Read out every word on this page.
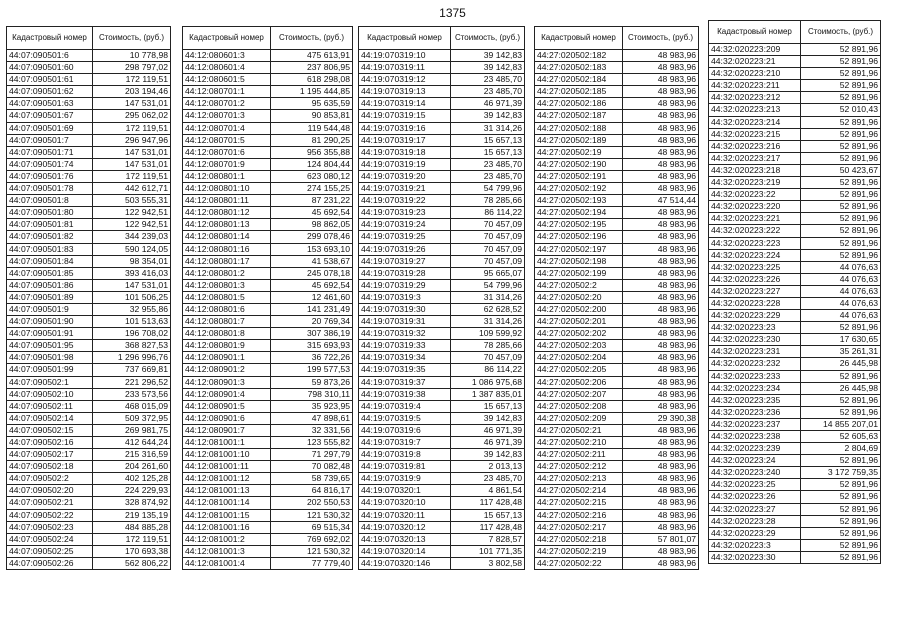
1375
Кадастровый номер	Стоимость, (руб.)
44:07:090501:6	10 778,98
44:07:090501:60	298 797,02
44:07:090501:61	172 119,51
44:07:090501:62	203 194,46
44:07:090501:63	147 531,01
44:07:090501:67	295 062,02
44:07:090501:69	172 119,51
44:07:090501:7	296 947,96
44:07:090501:71	147 531,01
44:07:090501:74	147 531,01
44:07:090501:76	172 119,51
44:07:090501:78	442 612,71
44:07:090501:8	503 555,31
44:07:090501:80	122 942,51
44:07:090501:81	122 942,51
44:07:090501:82	344 239,03
44:07:090501:83	590 124,05
44:07:090501:84	98 354,01
44:07:090501:85	393 416,03
44:07:090501:86	147 531,01
44:07:090501:89	101 506,25
44:07:090501:9	32 955,86
44:07:090501:90	101 513,63
44:07:090501:91	196 708,02
44:07:090501:95	368 827,53
44:07:090501:98	1 296 996,76
44:07:090501:99	737 669,81
44:07:090502:1	221 296,52
44:07:090502:10	233 573,56
44:07:090502:11	468 015,09
44:07:090502:14	509 372,95
44:07:090502:15	269 981,75
44:07:090502:16	412 644,24
44:07:090502:17	215 316,59
44:07:090502:18	204 261,60
44:07:090502:2	402 125,28
44:07:090502:20	224 229,93
44:07:090502:21	328 874,92
44:07:090502:22	219 135,19
44:07:090502:23	484 885,28
44:07:090502:24	172 119,51
44:07:090502:25	170 693,38
44:07:090502:26	562 806,22
Кадастровый номер	Стоимость, (руб.)
44:12:080601:3	475 613,91
44:12:080601:4	237 806,95
44:12:080601:5	618 298,08
44:12:080701:1	1 195 444,85
44:12:080701:2	95 635,59
44:12:080701:3	90 853,81
44:12:080701:4	119 544,48
44:12:080701:5	81 290,25
44:12:080701:6	956 355,88
44:12:080701:9	124 804,44
44:12:080801:1	623 080,12
44:12:080801:10	274 155,25
44:12:080801:11	87 231,22
44:12:080801:12	45 692,54
44:12:080801:13	98 862,05
44:12:080801:14	299 078,46
44:12:080801:16	153 693,10
44:12:080801:17	41 538,67
44:12:080801:2	245 078,18
44:12:080801:3	45 692,54
44:12:080801:5	12 461,60
44:12:080801:6	141 231,49
44:12:080801:7	20 769,34
44:12:080801:8	307 386,19
44:12:080801:9	315 693,93
44:12:080901:1	36 722,26
44:12:080901:2	199 577,53
44:12:080901:3	59 873,26
44:12:080901:4	798 310,11
44:12:080901:5	35 923,95
44:12:080901:6	47 898,61
44:12:080901:7	32 331,56
44:12:081001:1	123 555,82
44:12:081001:10	71 297,79
44:12:081001:11	70 082,48
44:12:081001:12	58 739,65
44:12:081001:13	64 816,17
44:12:081001:14	202 550,53
44:12:081001:15	121 530,32
44:12:081001:16	69 515,34
44:12:081001:2	769 692,02
44:12:081001:3	121 530,32
44:12:081001:4	77 779,40
Кадастровый номер	Стоимость, (руб.)
44:19:070319:10	39 142,83
44:19:070319:11	39 142,83
44:19:070319:12	23 485,70
44:19:070319:13	23 485,70
44:19:070319:14	46 971,39
44:19:070319:15	39 142,83
44:19:070319:16	31 314,26
44:19:070319:17	15 657,13
44:19:070319:18	15 657,13
44:19:070319:19	23 485,70
44:19:070319:20	23 485,70
44:19:070319:21	54 799,96
44:19:070319:22	78 285,66
44:19:070319:23	86 114,22
44:19:070319:24	70 457,09
44:19:070319:25	70 457,09
44:19:070319:26	70 457,09
44:19:070319:27	70 457,09
44:19:070319:28	95 665,07
44:19:070319:29	54 799,96
44:19:070319:3	31 314,26
44:19:070319:30	62 628,52
44:19:070319:31	31 314,26
44:19:070319:32	109 599,92
44:19:070319:33	78 285,66
44:19:070319:34	70 457,09
44:19:070319:35	86 114,22
44:19:070319:37	1 086 975,68
44:19:070319:38	1 387 835,01
44:19:070319:4	15 657,13
44:19:070319:5	39 142,83
44:19:070319:6	46 971,39
44:19:070319:7	46 971,39
44:19:070319:8	39 142,83
44:19:070319:81	2 013,13
44:19:070319:9	23 485,70
44:19:070320:1	4 861,54
44:19:070320:10	117 428,48
44:19:070320:11	15 657,13
44:19:070320:12	117 428,48
44:19:070320:13	7 828,57
44:19:070320:14	101 771,35
44:19:070320:146	3 802,58
Кадастровый номер	Стоимость, (руб.)
44:27:020502:182	48 983,96
44:27:020502:183	48 983,96
44:27:020502:184	48 983,96
44:27:020502:185	48 983,96
44:27:020502:186	48 983,96
44:27:020502:187	48 983,96
44:27:020502:188	48 983,96
44:27:020502:189	48 983,96
44:27:020502:19	48 983,96
44:27:020502:190	48 983,96
44:27:020502:191	48 983,96
44:27:020502:192	48 983,96
44:27:020502:193	47 514,44
44:27:020502:194	48 983,96
44:27:020502:195	48 983,96
44:27:020502:196	48 983,96
44:27:020502:197	48 983,96
44:27:020502:198	48 983,96
44:27:020502:199	48 983,96
44:27:020502:2	48 983,96
44:27:020502:20	48 983,96
44:27:020502:200	48 983,96
44:27:020502:201	48 983,96
44:27:020502:202	48 983,96
44:27:020502:203	48 983,96
44:27:020502:204	48 983,96
44:27:020502:205	48 983,96
44:27:020502:206	48 983,96
44:27:020502:207	48 983,96
44:27:020502:208	48 983,96
44:27:020502:209	29 390,38
44:27:020502:21	48 983,96
44:27:020502:210	48 983,96
44:27:020502:211	48 983,96
44:27:020502:212	48 983,96
44:27:020502:213	48 983,96
44:27:020502:214	48 983,96
44:27:020502:215	48 983,96
44:27:020502:216	48 983,96
44:27:020502:217	48 983,96
44:27:020502:218	57 801,07
44:27:020502:219	48 983,96
44:27:020502:22	48 983,96
Кадастровый номер	Стоимость, (руб.)
44:32:020223:209	52 891,96
44:32:020223:21	52 891,96
44:32:020223:210	52 891,96
44:32:020223:211	52 891,96
44:32:020223:212	52 891,96
44:32:020223:213	52 010,43
44:32:020223:214	52 891,96
44:32:020223:215	52 891,96
44:32:020223:216	52 891,96
44:32:020223:217	52 891,96
44:32:020223:218	50 423,67
44:32:020223:219	52 891,96
44:32:020223:22	52 891,96
44:32:020223:220	52 891,96
44:32:020223:221	52 891,96
44:32:020223:222	52 891,96
44:32:020223:223	52 891,96
44:32:020223:224	52 891,96
44:32:020223:225	44 076,63
44:32:020223:226	44 076,63
44:32:020223:227	44 076,63
44:32:020223:228	44 076,63
44:32:020223:229	44 076,63
44:32:020223:23	52 891,96
44:32:020223:230	17 630,65
44:32:020223:231	35 261,31
44:32:020223:232	26 445,98
44:32:020223:233	52 891,96
44:32:020223:234	26 445,98
44:32:020223:235	52 891,96
44:32:020223:236	52 891,96
44:32:020223:237	14 855 207,01
44:32:020223:238	52 605,63
44:32:020223:239	2 804,69
44:32:020223:24	52 891,96
44:32:020223:240	3 172 759,35
44:32:020223:25	52 891,96
44:32:020223:26	52 891,96
44:32:020223:27	52 891,96
44:32:020223:28	52 891,96
44:32:020223:29	52 891,96
44:32:020223:3	52 891,96
44:32:020223:30	52 891,96
